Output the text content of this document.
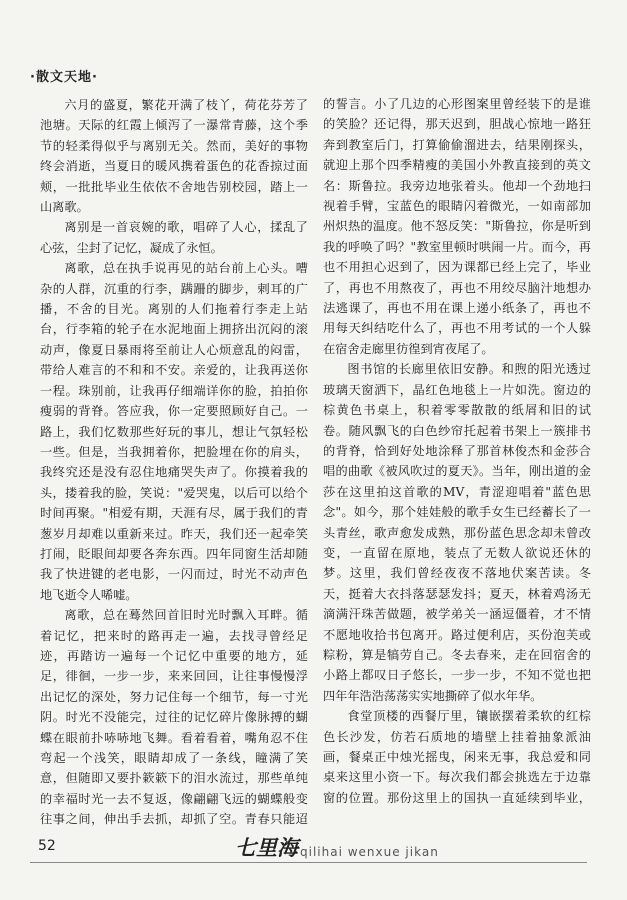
·散文天地·

六月的盛夏，繁花开满了枝丫，荷花芬芳了池塘。天际的红霞上倾泻了一瀑常青藤，这个季节的轻柔得似乎与离别无关。然而，美好的事物终会消逝，当夏日的暖风携着蛋色的花香掠过面颊，一批批毕业生依依不舍地告别校园，踏上一山离歌。

离别是一首哀婉的歌，唱碎了人心，揉乱了心弦，尘封了记忆，凝成了永恒。

离歌，总在执手说再见的站台前上心头。嘈杂的人群，沉重的行李，蹒跚的脚步，剌耳的广播，不舍的目光。离别的人们拖着行李走上站台，行李箱的轮子在水泥地面上拥挤出沉闷的滚动声，像夏日暴雨将至前让人心烦意乱的闷雷，带给人难言的不和和不安。亲爱的，让我再送你一程。珠别前，让我再仔细端详你的脸，拍拍你瘦弱的背脊。答应我，你一定要照顾好自己。一路上，我们忆数那些好玩的事儿，想让气氛轻松一些。但是，当我拥着你，把脸埋在你的肩头，我终究还是没有忍住地痛哭失声了。你摸着我的头，搂着我的脸，笑说："爱哭鬼，以后可以给个时间再聚。"相爱有期，天涯有尽，属于我们的青葱岁月却难以重新来过。昨天，我们还一起牵笑打闹，眨眼间却要各奔东西。四年同窗生活却随我了快进键的老电影，一闪而过，时光不动声色地飞逝令人唏嘘。

离歌，总在蓦然回首旧时光时飘入耳畔。循着记忆，把来时的路再走一遍，去找寻曾经足迹，再踏访一遍每一个记忆中重要的地方，延足，徘徊，一步一步，来来回回，让往事慢慢浮出记忆的深处，努力记住每一个细节，每一寸光阴。时光不没能完，过往的记忆碎片像脉搏的蝴蝶在眼前扑哧哧地飞舞。看着看着，嘴角忍不住弯起一个浅笑，眼睛却成了一条线，瞳满了笑意，但随即又要扑簌簌下的泪水流过，那些单纯的幸福时光一去不复返，像翩翩飞远的蝴蝶般变往事之间，伸出手去抓，却抓了空。青春只能迢

的誓言。小了几边的心形图案里曾经装下的是谁的笑脸？还记得，那天迟到，胆战心惊地一路狂奔到教室后门，打算偷偷溜进去，结果刚探头，就迎上那个四季精瘦的美国小外教直接到的英文名：斯鲁拉。我旁边地张着头。他却一个劲地扫视着手臂，宝蓝色的眼睛闪着微光，一如南部加州炽热的温度。他不怒反笑："斯鲁拉，你是听到我的呼唤了吗？"教室里顿时哄闹一片。而今，再也不用担心迟到了，因为课都已经上完了，毕业了，再也不用熬夜了，再也不用绞尽脑汁地想办法逃课了，再也不用在课上递小纸条了，再也不用每天纠结吃什么了，再也不用考试的一个人躲在宿舍走廊里彷徨到宵夜尾了。

图书馆的长廊里依旧安静。和煦的阳光透过玻璃天窗洒下，晶红色地毯上一片如洗。窗边的棕黄色书桌上，积着零零散散的纸屑和旧的试卷。随风飘飞的白色纱帘托起着书架上一簇排书的背脊，恰到好处地涂释了那首林俊杰和金莎合唱的曲歌《被风吹过的夏天》。当年，刚出道的金莎在这里拍这首歌的MV，青涩迎唱着"蓝色思念"。如今，那个娃娃般的歌手女生已经蓄长了一头青丝，歌声愈发成熟，那份蓝色思念却未曾改变，一直留在原地，装点了无数人欲说还休的梦。这里，我们曾经夜夜不落地伏案苦读。冬天，挺着大衣抖落瑟瑟发抖；夏天，林着鸡汤无滴满汗珠苦做题，被学弟关一涵逗僵着，才不情不愿地收拾书包离开。路过便利店，买份泡芙或粽粉，算是犒劳自己。冬去春来，走在回宿舍的小路上都叹日子悠长，一步一步，不知不觉也把四年年浩浩荡荡实实地撕碎了似水年华。

食堂顶楼的西餐厅里，镶嵌摆着柔软的红棕色长沙发，仿若石质地的墙壁上挂着抽象派油画，餐桌正中烛光摇曳，闲来无事，我总爱和同桌来这里小资一下。每次我们都会挑选左于边靠窗的位置。那份这里上的国执一直延续到毕业，

52	七里海 qilihai wenxue jikan
